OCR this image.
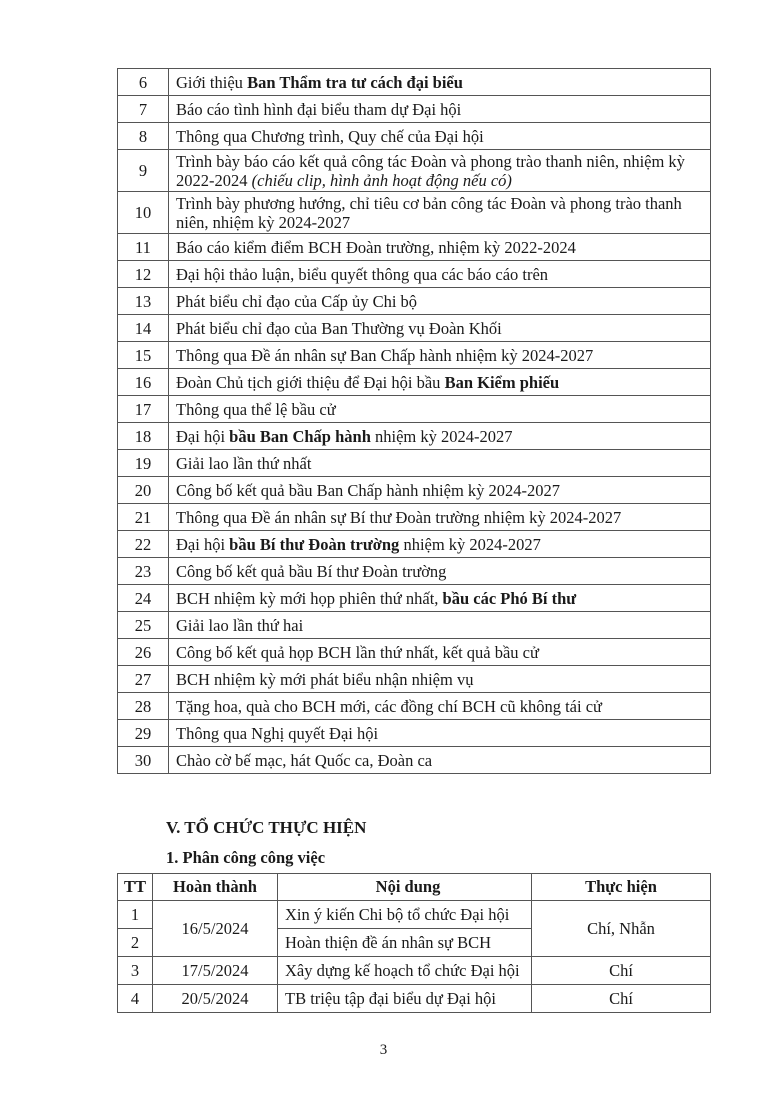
6	Giới thiệu Ban Thẩm tra tư cách đại biểu
7	Báo cáo tình hình đại biểu tham dự Đại hội
8	Thông qua Chương trình, Quy chế của Đại hội
9	Trình bày báo cáo kết quả công tác Đoàn và phong trào thanh niên, nhiệm kỳ 2022-2024 (chiếu clip, hình ảnh hoạt động nếu có)
10	Trình bày phương hướng, chỉ tiêu cơ bản công tác Đoàn và phong trào thanh niên, nhiệm kỳ 2024-2027
11	Báo cáo kiểm điểm BCH Đoàn trường, nhiệm kỳ 2022-2024
12	Đại hội thảo luận, biểu quyết thông qua các báo cáo trên
13	Phát biểu chỉ đạo của Cấp ủy Chi bộ
14	Phát biểu chỉ đạo của Ban Thường vụ Đoàn Khối
15	Thông qua Đề án nhân sự Ban Chấp hành nhiệm kỳ 2024-2027
16	Đoàn Chủ tịch giới thiệu để Đại hội bầu Ban Kiểm phiếu
17	Thông qua thể lệ bầu cử
18	Đại hội bầu Ban Chấp hành nhiệm kỳ 2024-2027
19	Giải lao lần thứ nhất
20	Công bố kết quả bầu Ban Chấp hành nhiệm kỳ 2024-2027
21	Thông qua Đề án nhân sự Bí thư Đoàn trường nhiệm kỳ 2024-2027
22	Đại hội bầu Bí thư Đoàn trường nhiệm kỳ 2024-2027
23	Công bố kết quả bầu Bí thư Đoàn trường
24	BCH nhiệm kỳ mới họp phiên thứ nhất, bầu các Phó Bí thư
25	Giải lao lần thứ hai
26	Công bố kết quả họp BCH lần thứ nhất, kết quả bầu cử
27	BCH nhiệm kỳ mới phát biểu nhận nhiệm vụ
28	Tặng hoa, quà cho BCH mới, các đồng chí BCH cũ không tái cử
29	Thông qua Nghị quyết Đại hội
30	Chào cờ bế mạc, hát Quốc ca, Đoàn ca
V. TỔ CHỨC THỰC HIỆN
1. Phân công công việc
TT	Hoàn thành	Nội dung	Thực hiện
1	16/5/2024	Xin ý kiến Chi bộ tổ chức Đại hội	Chí, Nhẫn
2		Hoàn thiện đề án nhân sự BCH	
3	17/5/2024	Xây dựng kế hoạch tổ chức Đại hội	Chí
4	20/5/2024	TB triệu tập đại biểu dự Đại hội	Chí

3
